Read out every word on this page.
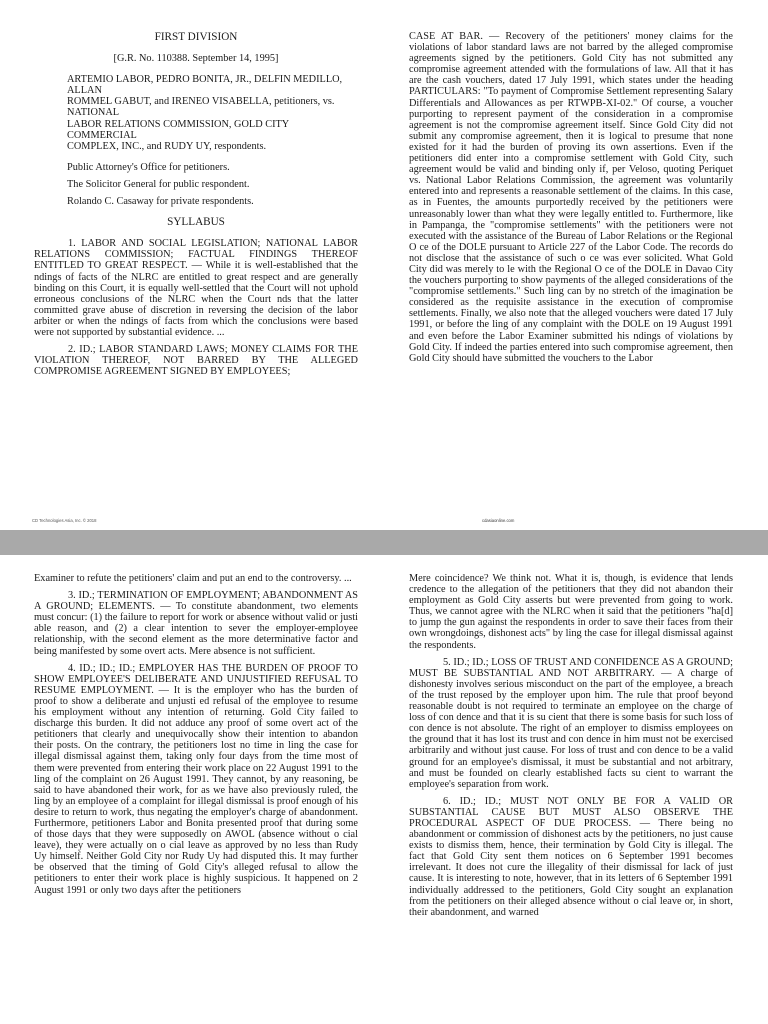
FIRST DIVISION

[G.R. No. 110388. September 14, 1995]

ARTEMIO LABOR, PEDRO BONITA, JR., DELFIN MEDILLO, ALLAN

ROMMEL GABUT, and IRENEO VISABELLA, petitioners, vs. NATIONAL

LABOR RELATIONS COMMISSION, GOLD CITY COMMERCIAL

COMPLEX, INC., and RUDY UY, respondents.

Public Attorney's Office for petitioners.

The Solicitor General for public respondent.

Rolando C. Casaway for private respondents.

SYLLABUS

1. LABOR AND SOCIAL LEGISLATION; NATIONAL LABOR RELATIONS COMMISSION; FACTUAL FINDINGS THEREOF ENTITLED TO GREAT RESPECT. — While it is well-established that the ndings of facts of the NLRC are entitled to great respect and are generally binding on this Court, it is equally well-settled that the Court will not uphold erroneous conclusions of the NLRC when the Court nds that the latter committed grave abuse of discretion in reversing the decision of the labor arbiter or when the ndings of facts from which the conclusions were based were not supported by substantial evidence. ...

2. ID.; LABOR STANDARD LAWS; MONEY CLAIMS FOR THE VIOLATION THEREOF, NOT BARRED BY THE ALLEGED COMPROMISE AGREEMENT SIGNED BY EMPLOYEES;

CASE AT BAR. — Recovery of the petitioners' money claims for the violations of labor standard laws are not barred by the alleged compromise agreements signed by the petitioners. Gold City has not submitted any compromise agreement attended with the formulations of law. All that it has are the cash vouchers, dated 17 July 1991, which states under the heading PARTICULARS: "To payment of Compromise Settlement representing Salary Differentials and Allowances as per RTWPB-XI-02." Of course, a voucher purporting to represent payment of the consideration in a compromise agreement is not the compromise agreement itself. Since Gold City did not submit any compromise agreement, then it is logical to presume that none existed for it had the burden of proving its own assertions. Even if the petitioners did enter into a compromise settlement with Gold City, such agreement would be valid and binding only if, per Veloso, quoting Periquet vs. National Labor Relations Commission, the agreement was voluntarily entered into and represents a reasonable settlement of the claims. In this case, as in Fuentes, the amounts purportedly received by the petitioners were unreasonably lower than what they were legally entitled to. Furthermore, like in Pampanga, the "compromise settlements" with the petitioners were not executed with the assistance of the Bureau of Labor Relations or the Regional O ce of the DOLE pursuant to Article 227 of the Labor Code. The records do not disclose that the assistance of such o ce was ever solicited. What Gold City did was merely to le with the Regional O ce of the DOLE in Davao City the vouchers purporting to show payments of the alleged considerations of the "compromise settlements." Such ling can by no stretch of the imagination be considered as the requisite assistance in the execution of compromise settlements. Finally, we also note that the alleged vouchers were dated 17 July 1991, or before the ling of any complaint with the DOLE on 19 August 1991 and even before the Labor Examiner submitted his ndings of violations by Gold City. If indeed the parties entered into such compromise agreement, then Gold City should have submitted the vouchers to the Labor

CD Technologies Asia, Inc. © 2018	cdasiaonline.com

Examiner to refute the petitioners' claim and put an end to the controversy. ...

3. ID.; TERMINATION OF EMPLOYMENT; ABANDONMENT AS A GROUND; ELEMENTS. — To constitute abandonment, two elements must concur: (1) the failure to report for work or absence without valid or justi able reason, and (2) a clear intention to sever the employer-employee relationship, with the second element as the more determinative factor and being manifested by some overt acts. Mere absence is not sufficient.

4. ID.; ID.; ID.; EMPLOYER HAS THE BURDEN OF PROOF TO SHOW EMPLOYEE'S DELIBERATE AND UNJUSTIFIED REFUSAL TO RESUME EMPLOYMENT. — It is the employer who has the burden of proof to show a deliberate and unjusti ed refusal of the employee to resume his employment without any intention of returning. Gold City failed to discharge this burden. It did not adduce any proof of some overt act of the petitioners that clearly and unequivocally show their intention to abandon their posts. On the contrary, the petitioners lost no time in ling the case for illegal dismissal against them, taking only four days from the time most of them were prevented from entering their work place on 22 August 1991 to the ling of the complaint on 26 August 1991. They cannot, by any reasoning, be said to have abandoned their work, for as we have also previously ruled, the ling by an employee of a complaint for illegal dismissal is proof enough of his desire to return to work, thus negating the employer's charge of abandonment. Furthermore, petitioners Labor and Bonita presented proof that during some of those days that they were supposedly on AWOL (absence without o cial leave), they were actually on o cial leave as approved by no less than Rudy Uy himself. Neither Gold City nor Rudy Uy had disputed this. It may further be observed that the timing of Gold City's alleged refusal to allow the petitioners to enter their work place is highly suspicious. It happened on 2 August 1991 or only two days after the petitioners

Mere coincidence? We think not. What it is, though, is evidence that lends credence to the allegation of the petitioners that they did not abandon their employment as Gold City asserts but were prevented from going to work. Thus, we cannot agree with the NLRC when it said that the petitioners "ha[d] to jump the gun against the respondents in order to save their faces from their own wrongdoings, dishonest acts" by ling the case for illegal dismissal against the respondents.

5. ID.; ID.; LOSS OF TRUST AND CONFIDENCE AS A GROUND; MUST BE SUBSTANTIAL AND NOT ARBITRARY. — A charge of dishonesty involves serious misconduct on the part of the employee, a breach of the trust reposed by the employer upon him. The rule that proof beyond reasonable doubt is not required to terminate an employee on the charge of loss of con dence and that it is su cient that there is some basis for such loss of con dence is not absolute. The right of an employer to dismiss employees on the ground that it has lost its trust and con dence in him must not be exercised arbitrarily and without just cause. For loss of trust and con dence to be a valid ground for an employee's dismissal, it must be substantial and not arbitrary, and must be founded on clearly established facts su cient to warrant the employee's separation from work.

6. ID.; ID.; MUST NOT ONLY BE FOR A VALID OR SUBSTANTIAL CAUSE BUT MUST ALSO OBSERVE THE PROCEDURAL ASPECT OF DUE PROCESS. — There being no abandonment or commission of dishonest acts by the petitioners, no just cause exists to dismiss them, hence, their termination by Gold City is illegal. The fact that Gold City sent them notices on 6 September 1991 becomes irrelevant. It does not cure the illegality of their dismissal for lack of just cause. It is interesting to note, however, that in its letters of 6 September 1991 individually addressed to the petitioners, Gold City sought an explanation from the petitioners on their alleged absence without o cial leave or, in short, their abandonment, and warned
